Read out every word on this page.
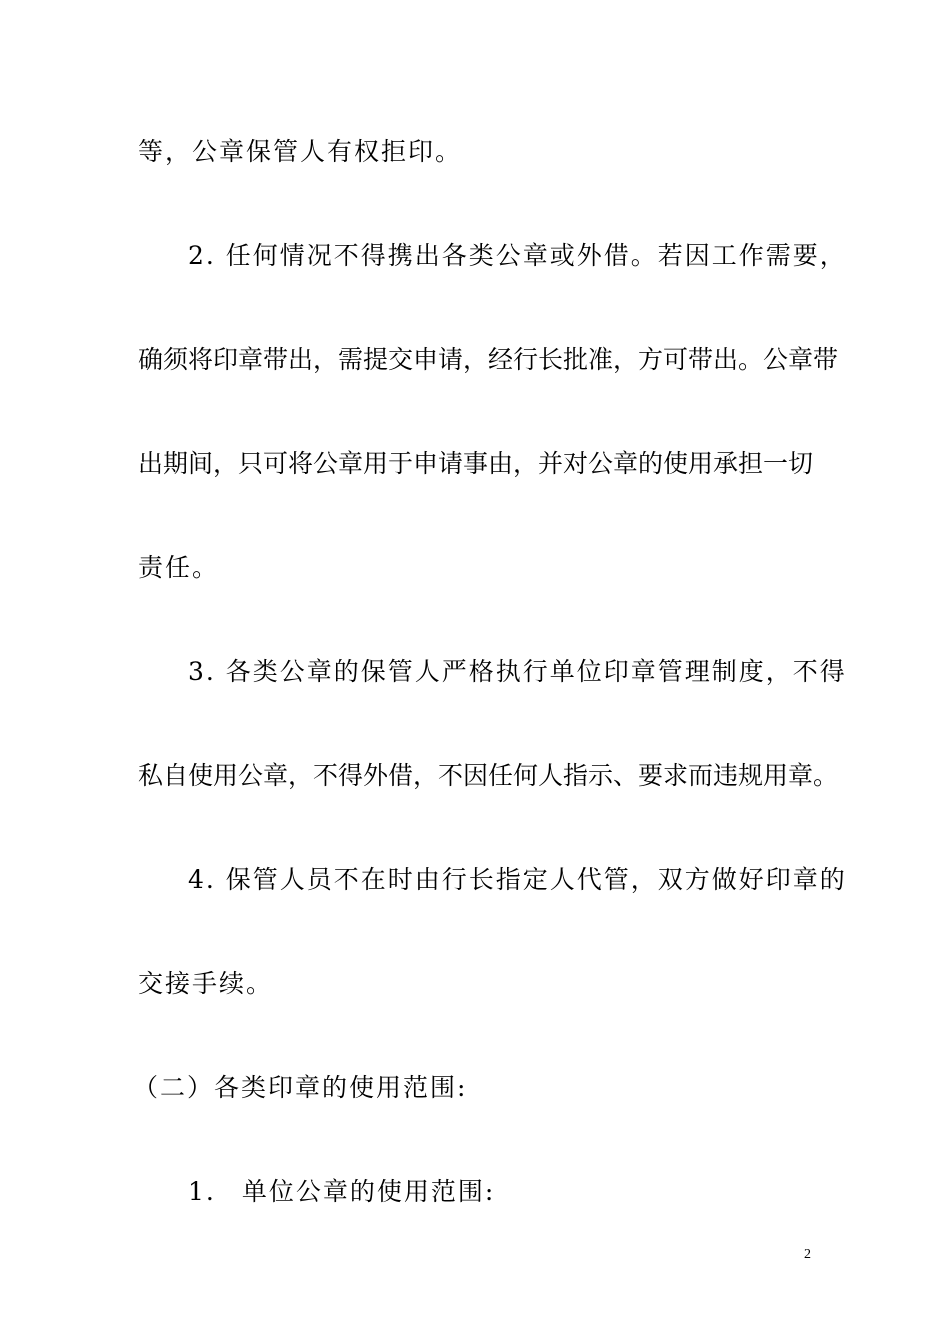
等，公章保管人有权拒印。
2. 任何情况不得携出各类公章或外借。若因工作需要，
确须将印章带出，需提交申请，经行长批准，方可带出。公章带
出期间，只可将公章用于申请事由，并对公章的使用承担一切
责任。
3. 各类公章的保管人严格执行单位印章管理制度，不得
私自使用公章，不得外借，不因任何人指示、要求而违规用章。
4. 保管人员不在时由行长指定人代管，双方做好印章的
交接手续。
（二）各类印章的使用范围:
1. 单位公章的使用范围:
2
